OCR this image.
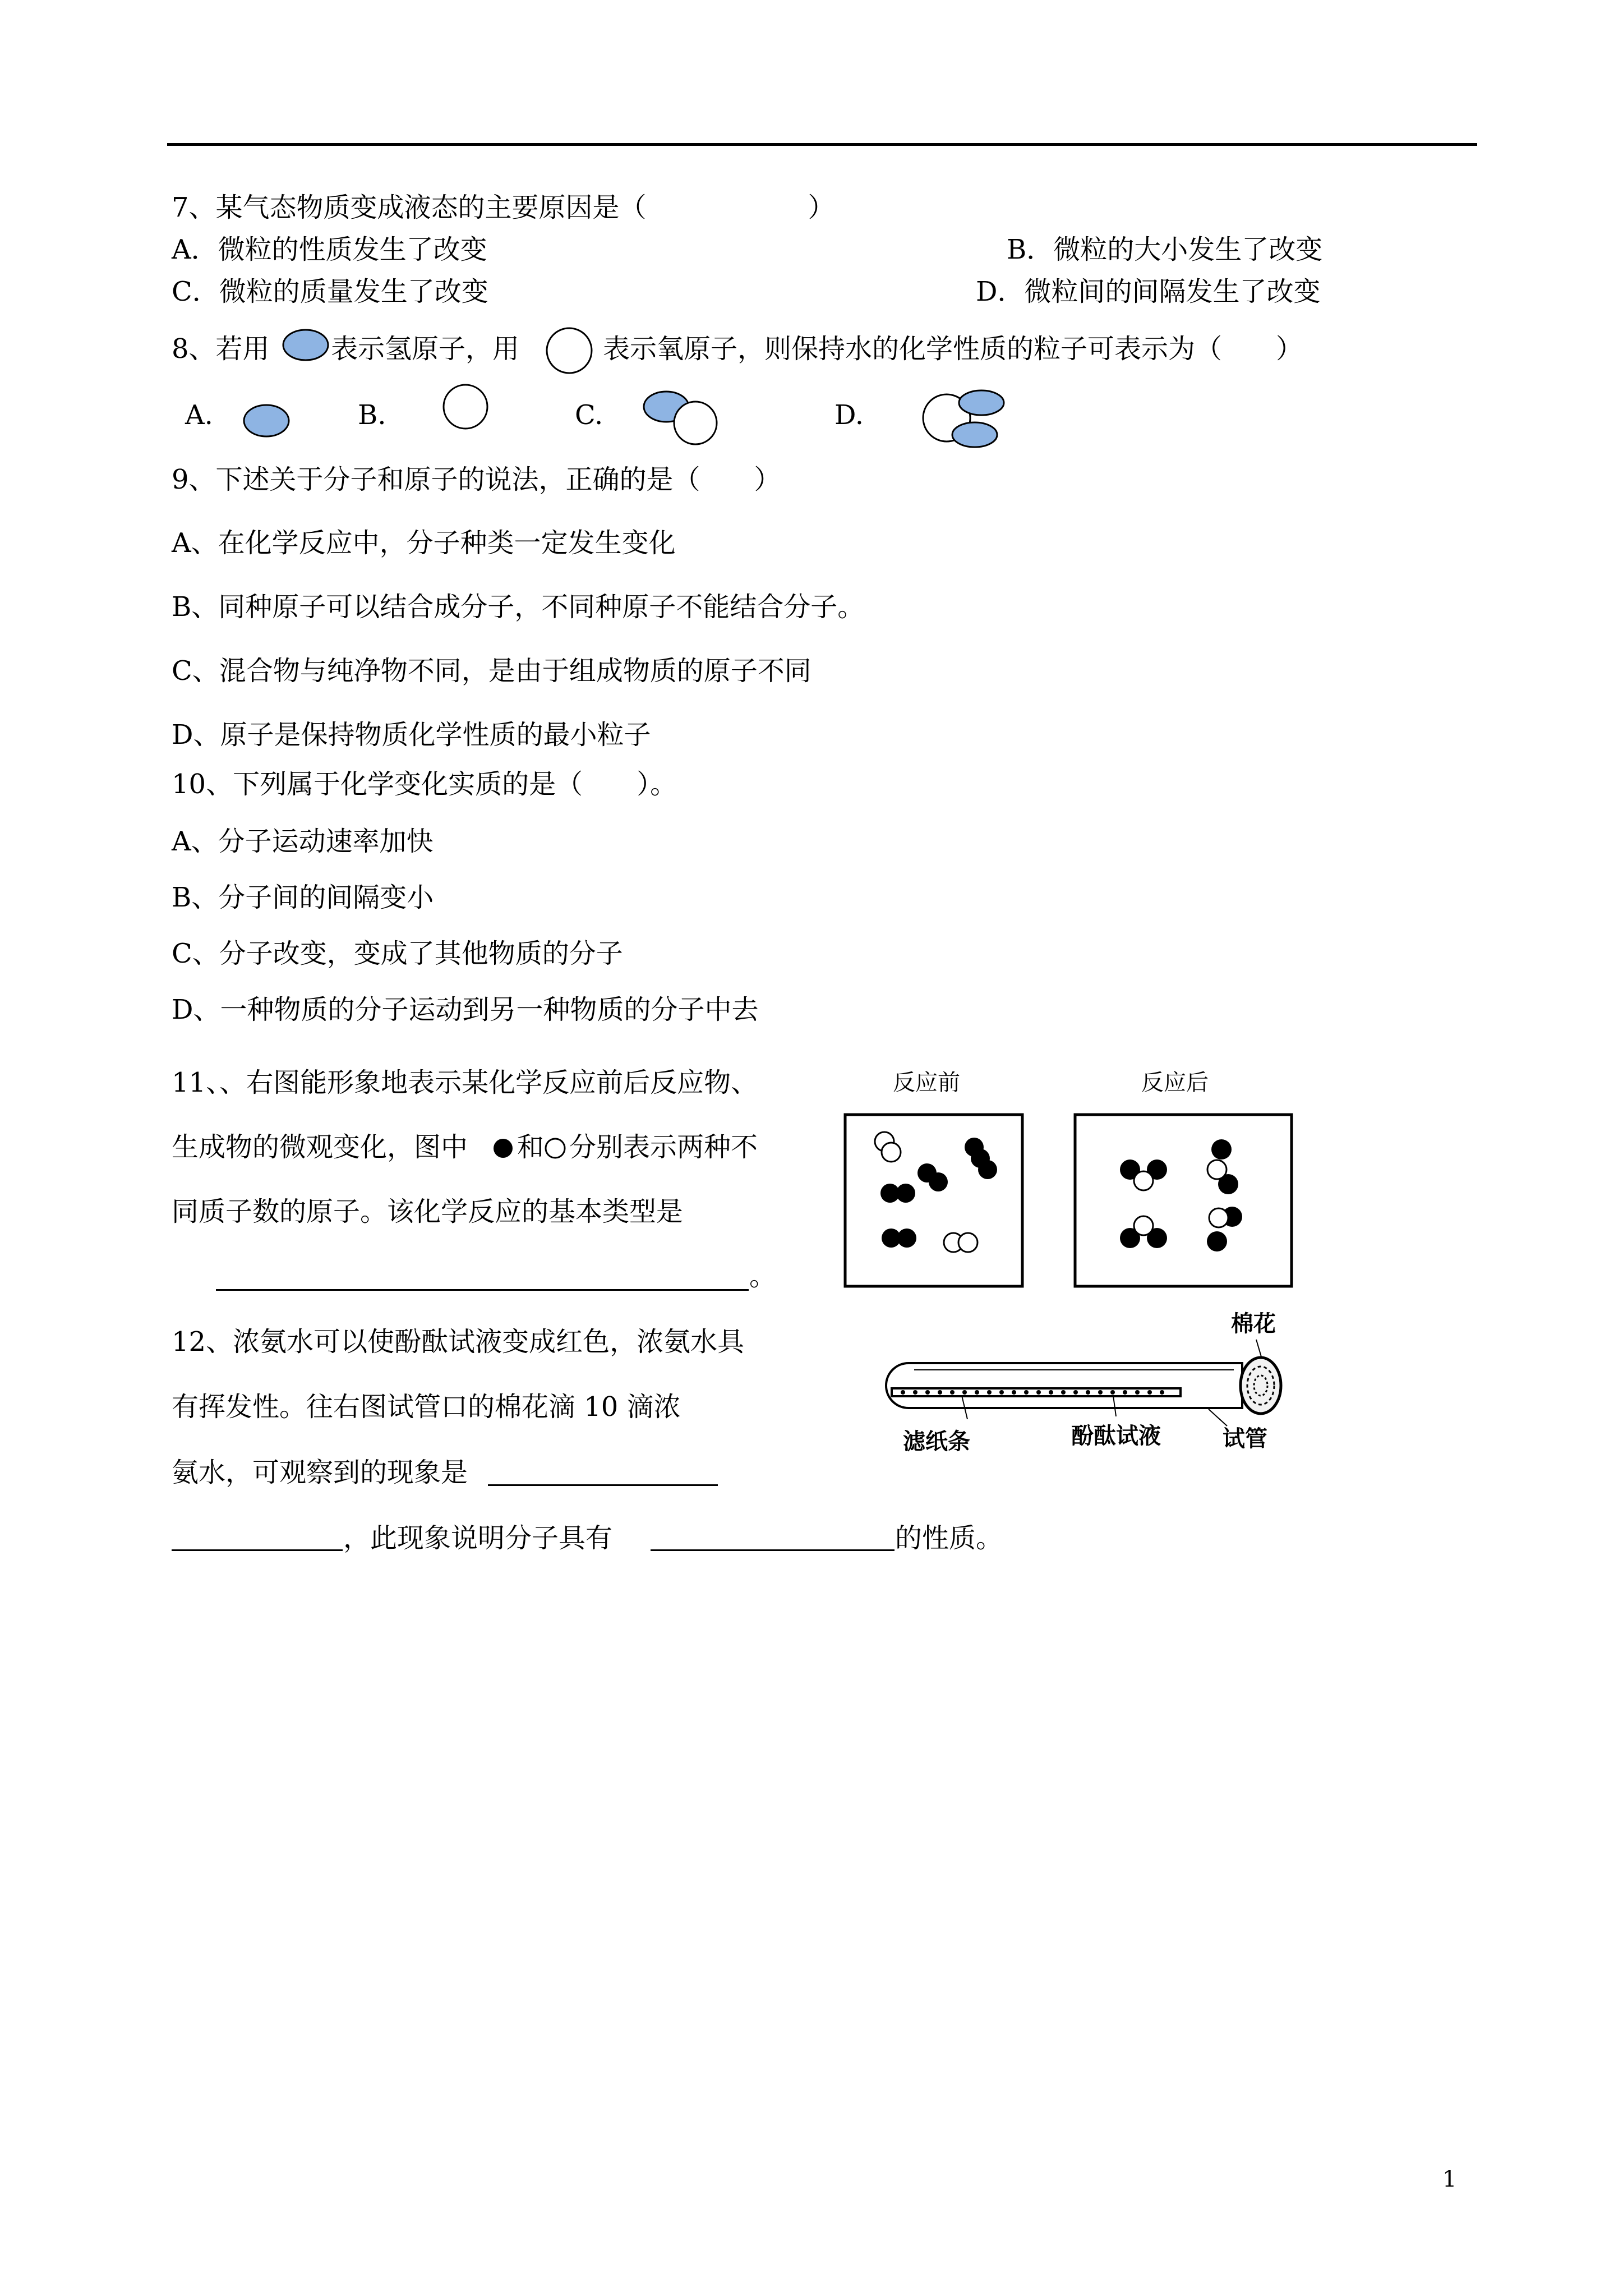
7、某气态物质变成液态的主要原因是（　　　　　　）
A．微粒的性质发生了改变	B．微粒的大小发生了改变
C．微粒的质量发生了改变	D．微粒间的间隔发生了改变
8、若用 表示氢原子，用	表示氧原子，则保持水的化学性质的粒子可表示为（　　）
A.	B.	C.	D.
9、下述关于分子和原子的说法，正确的是（　　）
A、在化学反应中，分子种类一定发生变化
B、同种原子可以结合成分子，不同种原子不能结合分子。
C、混合物与纯净物不同，是由于组成物质的原子不同
D、原子是保持物质化学性质的最小粒子
10、下列属于化学变化实质的是（　　）。
A、分子运动速率加快
B、分子间的间隔变小
C、分子改变，变成了其他物质的分子
D、一种物质的分子运动到另一种物质的分子中去
11、、右图能形象地表示某化学反应前后反应物、
生成物的微观变化，图中 和 分别表示两种不
同质子数的原子。该化学反应的基本类型是
。
反应前	反应后
12、浓氨水可以使酚酞试液变成红色，浓氨水具
有挥发性。往右图试管口的棉花滴 10 滴浓
氨水，可观察到的现象是
，此现象说明分子具有	的性质。
棉花
滤纸条	酚酞试液	试管
1
